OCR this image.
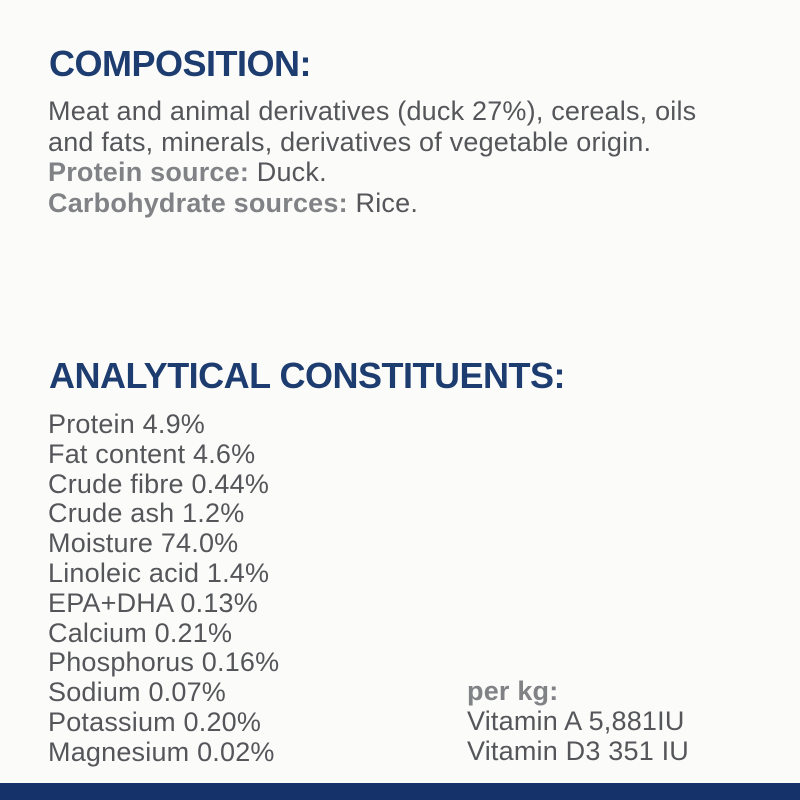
COMPOSITION:
Meat and animal derivatives (duck 27%), cereals, oils
and fats, minerals, derivatives of vegetable origin.
Protein source: Duck.
Carbohydrate sources: Rice.
ANALYTICAL CONSTITUENTS:
Protein 4.9%
Fat content 4.6%
Crude fibre 0.44%
Crude ash 1.2%
Moisture 74.0%
Linoleic acid 1.4%
EPA+DHA 0.13%
Calcium 0.21%
Phosphorus 0.16%
Sodium 0.07%
Potassium 0.20%
Magnesium 0.02%
per kg:
Vitamin A 5,881IU
Vitamin D3 351 IU
